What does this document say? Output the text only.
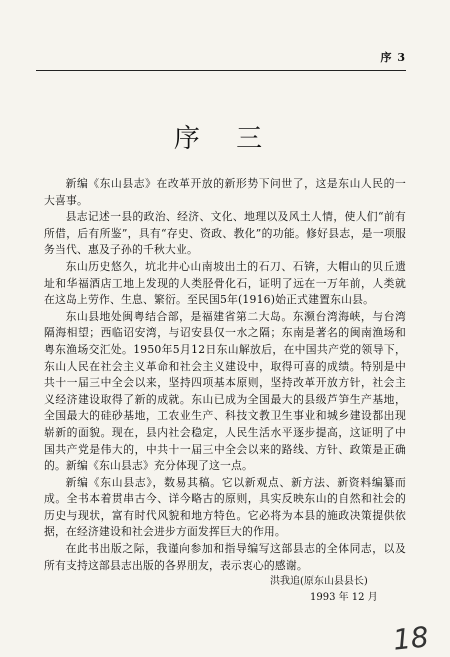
序 3
序 三

新编《东山县志》在改革开放的新形势下问世了，这是东山人民的一大喜事。

县志记述一县的政治、经济、文化、地理以及风土人情，使人们“前有所借，后有所鉴”，具有“存史、资政、教化”的功能。修好县志，是一项服务当代、惠及子孙的千秋大业。

东山历史悠久，坑北井心山南坡出土的石刀、石锛，大帽山的贝丘遗址和华福酒店工地上发现的人类胫骨化石，证明了远在一万年前，人类就在这岛上劳作、生息、繁衍。至民国5年(1916)始正式建置东山县。

东山县地处闽粤结合部，是福建省第二大岛。东濒台湾海峡，与台湾隔海相望；西临诏安湾，与诏安县仅一水之隔；东南是著名的闽南渔场和粤东渔场交汇处。1950年5月12日东山解放后，在中国共产党的领导下，东山人民在社会主义革命和社会主义建设中，取得可喜的成绩。特别是中共十一届三中全会以来，坚持四项基本原则，坚持改革开放方针，社会主义经济建设取得了新的成就。东山已成为全国最大的县级芦笋生产基地，全国最大的硅砂基地，工农业生产、科技文教卫生事业和城乡建设都出现崭新的面貌。现在，县内社会稳定，人民生活水平逐步提高，这证明了中国共产党是伟大的，中共十一届三中全会以来的路线、方针、政策是正确的。新编《东山县志》充分体现了这一点。

新编《东山县志》，数易其稿。它以新观点、新方法、新资料编纂而成。全书本着贯串古今、详今略古的原则，具实反映东山的自然和社会的历史与现状，富有时代风貌和地方特色。它必将为本县的施政决策提供依据，在经济建设和社会进步方面发挥巨大的作用。

在此书出版之际，我谨向参加和指导编写这部县志的全体同志，以及所有支持这部县志出版的各界朋友，表示衷心的感谢。

洪我追(原东山县县长)
1993 年 12 月
18
